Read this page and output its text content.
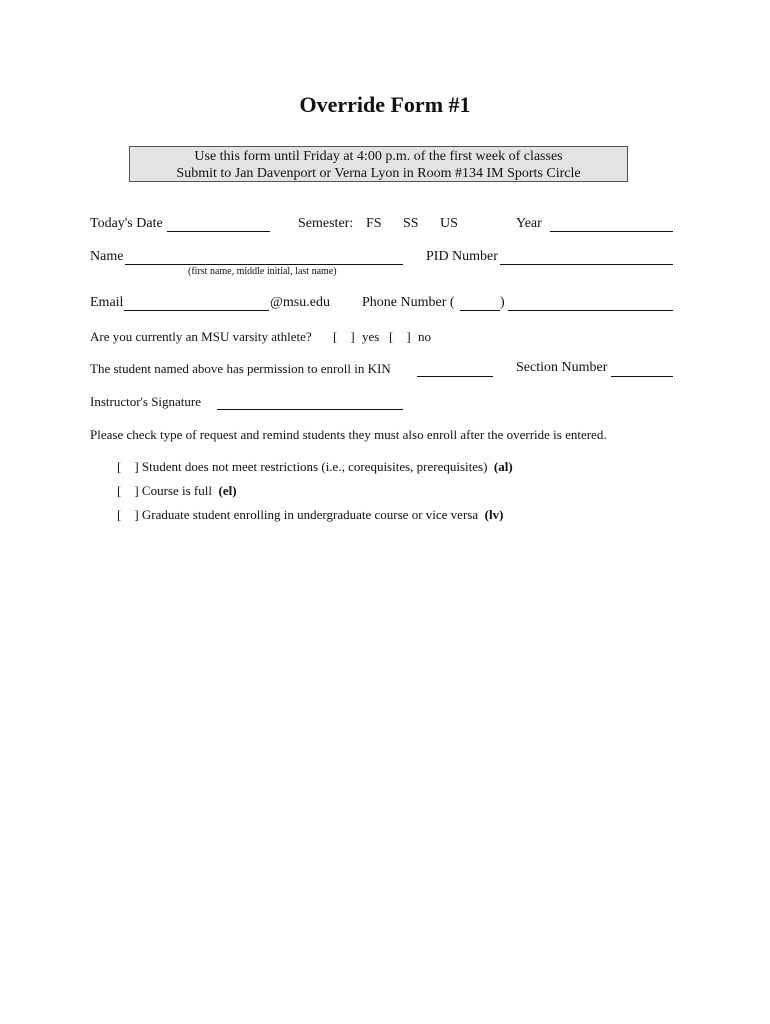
Override Form #1
Use this form until Friday at 4:00 p.m. of the first week of classes
Submit to Jan Davenport or Verna Lyon in Room #134 IM Sports Circle
Today's Date	Semester: FS SS US	Year
Name
(first name, middle initial, last name)
PID Number
Email	@msu.edu Phone Number (	)
Are you currently an MSU varsity athlete? [    ] yes [    ] no
The student named above has permission to enroll in KIN	Section Number
Instructor's Signature
Please check type of request and remind students they must also enroll after the override is entered.
[    ] Student does not meet restrictions (i.e., corequisites, prerequisites) (al)
[    ] Course is full (el)
[    ] Graduate student enrolling in undergraduate course or vice versa (lv)
